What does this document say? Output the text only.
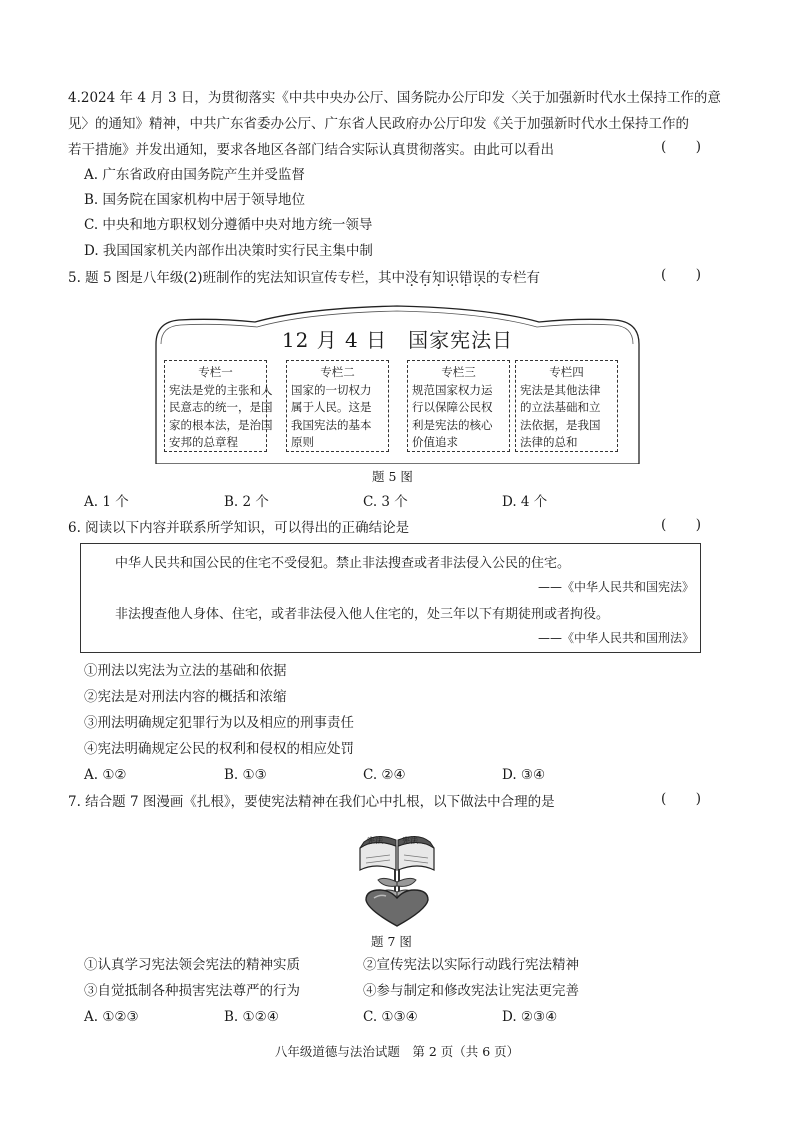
4.2024 年 4 月 3 日，为贯彻落实《中共中央办公厅、国务院办公厅印发〈关于加强新时代水土保持工作的意
见〉的通知》精神，中共广东省委办公厅、广东省人民政府办公厅印发《关于加强新时代水土保持工作的
若干措施》并发出通知，要求各地区各部门结合实际认真贯彻落实。由此可以看出	( )
A. 广东省政府由国务院产生并受监督
B. 国务院在国家机构中居于领导地位
C. 中央和地方职权划分遵循中央对地方统一领导
D. 我国国家机关内部作出决策时实行民主集中制
5. 题 5 图是八年级(2)班制作的宪法知识宣传专栏，其中没有知识错误的专栏有	( )
12 月 4 日　国家宪法日
专栏一
宪法是党的主张和人
民意志的统一，是国
家的根本法，是治国
安邦的总章程
专栏二
国家的一切权力
属于人民。这是
我国宪法的基本
原则
专栏三
规范国家权力运
行以保障公民权
利是宪法的核心
价值追求
专栏四
宪法是其他法律
的立法基础和立
法依据，是我国
法律的总和
题 5 图
A. 1 个	B. 2 个	C. 3 个	D. 4 个
6. 阅读以下内容并联系所学知识，可以得出的正确结论是	( )
中华人民共和国公民的住宅不受侵犯。禁止非法搜查或者非法侵入公民的住宅。
——《中华人民共和国宪法》
非法搜查他人身体、住宅，或者非法侵入他人住宅的，处三年以下有期徒刑或者拘役。
——《中华人民共和国刑法》
①刑法以宪法为立法的基础和依据
②宪法是对刑法内容的概括和浓缩
③刑法明确规定犯罪行为以及相应的刑事责任
④宪法明确规定公民的权利和侵权的相应处罚
A. ①②	B. ①③	C. ②④	D. ③④
7. 结合题 7 图漫画《扎根》，要使宪法精神在我们心中扎根，以下做法中合理的是	( )
宪法 宪法
题 7 图
①认真学习宪法领会宪法的精神实质	②宣传宪法以实际行动践行宪法精神
③自觉抵制各种损害宪法尊严的行为	④参与制定和修改宪法让宪法更完善
A. ①②③	B. ①②④	C. ①③④	D. ②③④
八年级道德与法治试题　第 2 页（共 6 页）
